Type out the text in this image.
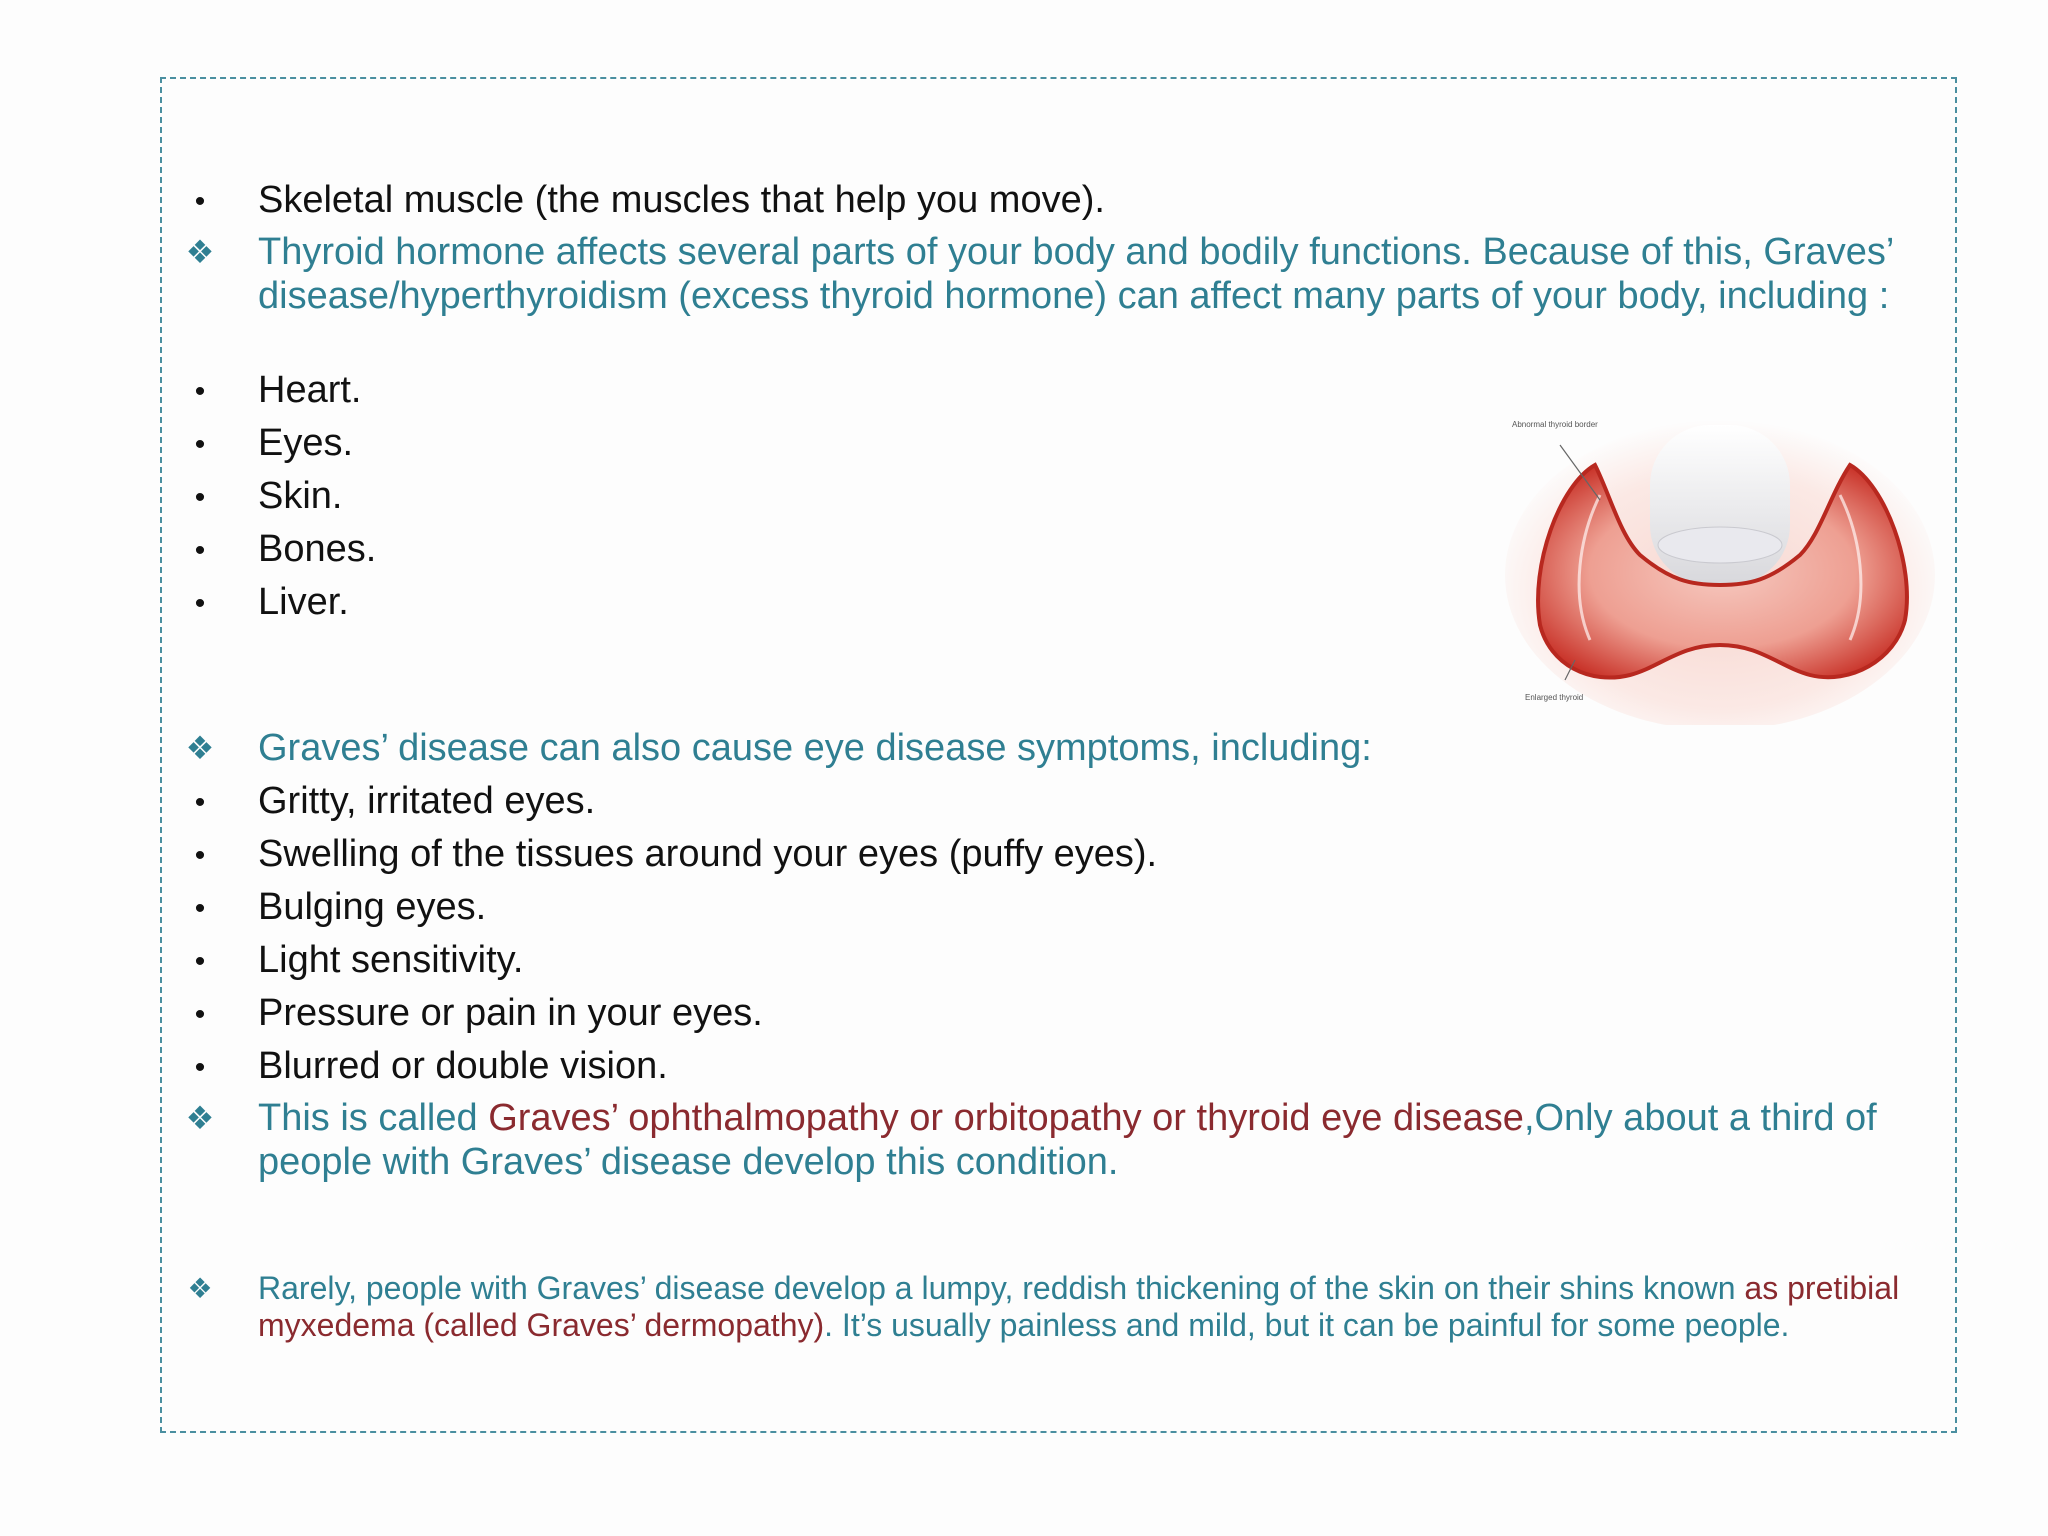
•	Skeletal muscle (the muscles that help you move).
❖ Thyroid hormone affects several parts of your body and bodily functions. Because of this, Graves’ disease/hyperthyroidism (excess thyroid hormone) can affect many parts of your body, including :
•	Heart.
•	Eyes.
•	Skin.
•	Bones.
•	Liver.
Abnormal thyroid border
Enlarged thyroid
❖ Graves’ disease can also cause eye disease symptoms, including:
•	Gritty, irritated eyes.
•	Swelling of the tissues around your eyes (puffy eyes).
•	Bulging eyes.
•	Light sensitivity.
•	Pressure or pain in your eyes.
•	Blurred or double vision.
❖ This is called Graves’ ophthalmopathy or orbitopathy or thyroid eye disease,Only about a third of people with Graves’ disease develop this condition.
❖ Rarely, people with Graves’ disease develop a lumpy, reddish thickening of the skin on their shins known as pretibial myxedema (called Graves’ dermopathy). It’s usually painless and mild, but it can be painful for some people.
